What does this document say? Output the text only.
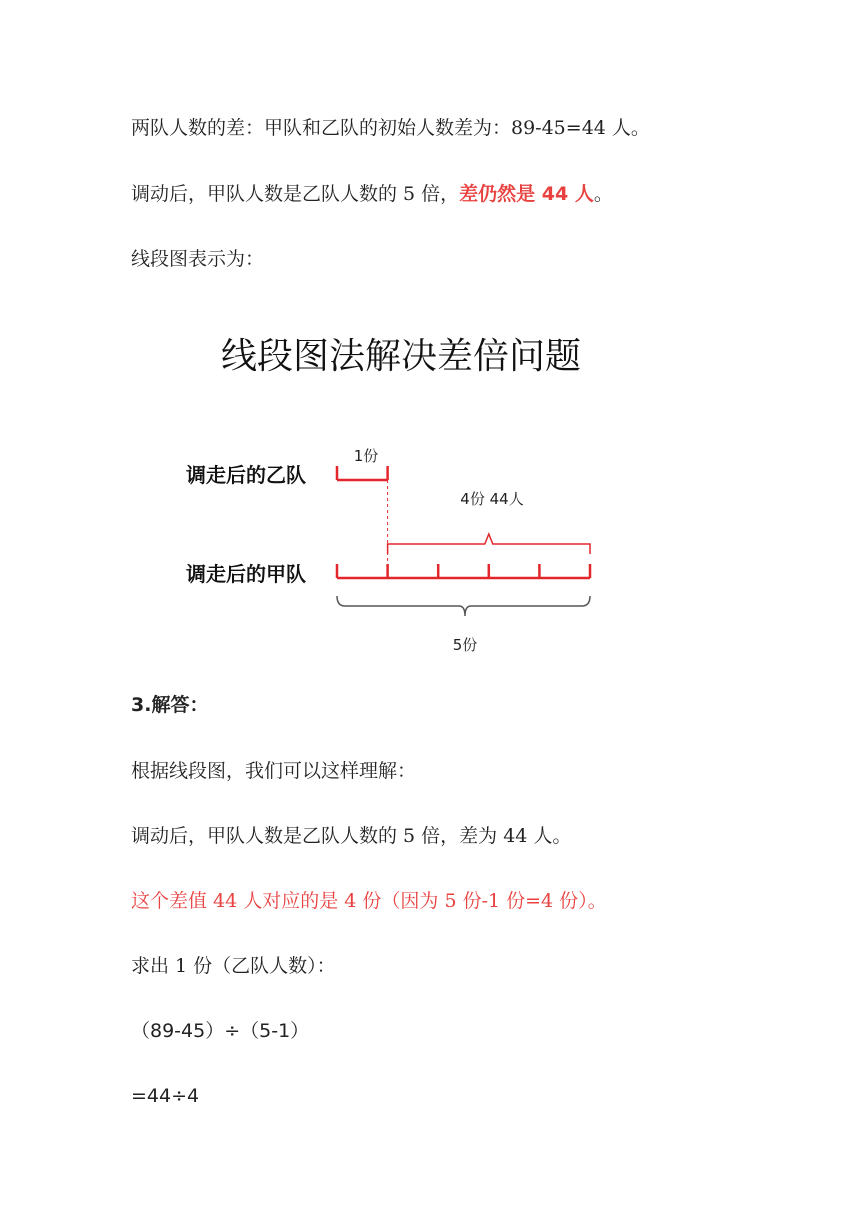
两队人数的差：甲队和乙队的初始人数差为：89-45=44 人。
调动后，甲队人数是乙队人数的 5 倍，差仍然是 44 人。
线段图表示为：
线段图法解决差倍问题
调走后的乙队
调走后的甲队
1份
4份 44人
5份
3.解答：
根据线段图，我们可以这样理解：
调动后，甲队人数是乙队人数的 5 倍，差为 44 人。
这个差值 44 人对应的是 4 份（因为 5 份-1 份=4 份）。
求出 1 份（乙队人数）：
（89-45）÷（5-1）
=44÷4
